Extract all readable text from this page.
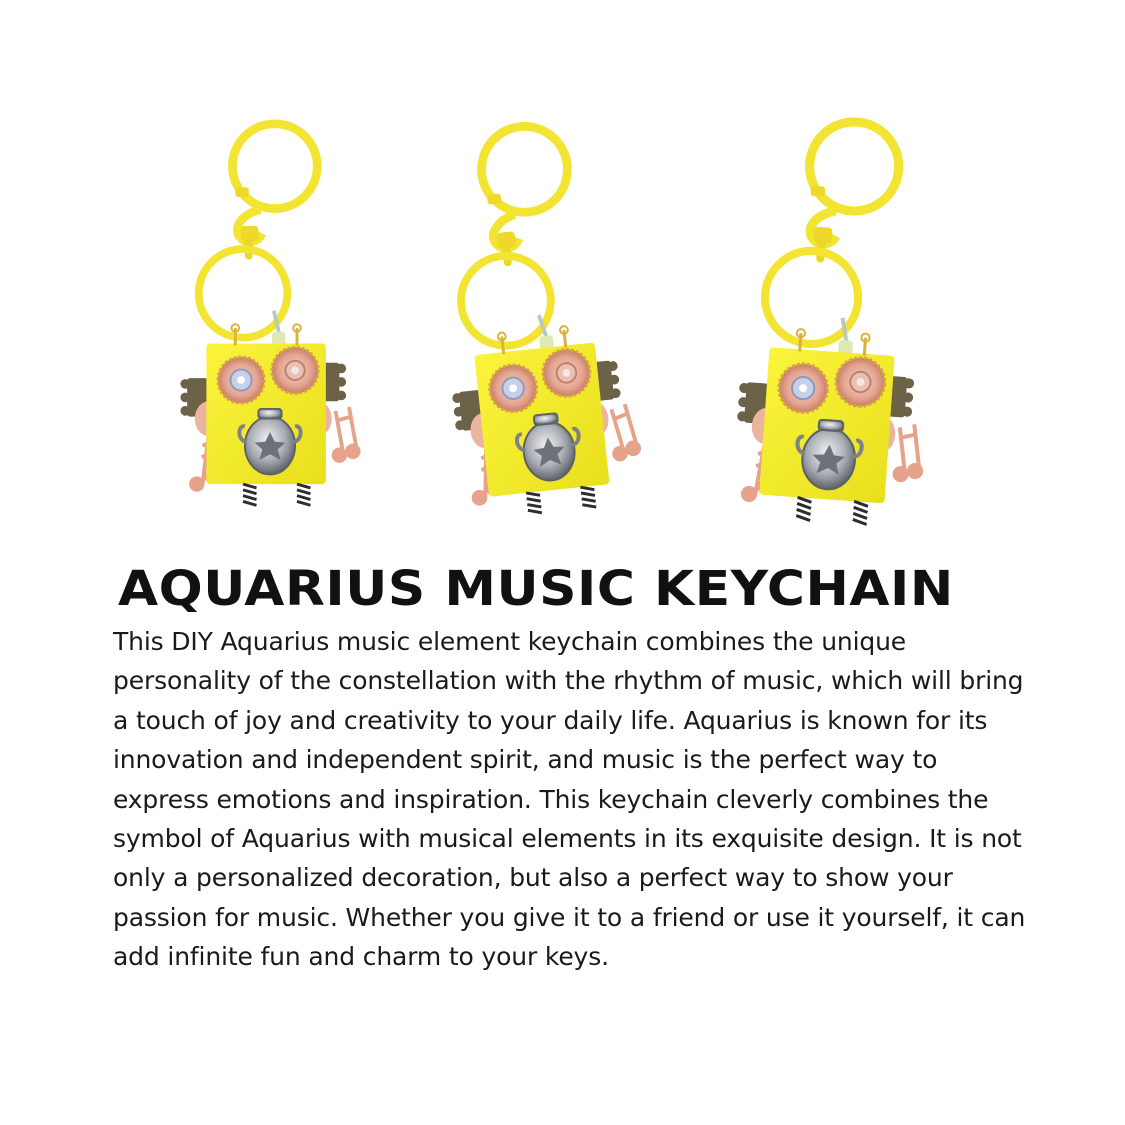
AQUARIUS MUSIC KEYCHAIN

This DIY Aquarius music element keychain combines the unique personality of the constellation with the rhythm of music, which will bring a touch of joy and creativity to your daily life. Aquarius is known for its innovation and independent spirit, and music is the perfect way to express emotions and inspiration. This keychain cleverly combines the symbol of Aquarius with musical elements in its exquisite design. It is not only a personalized decoration, but also a perfect way to show your passion for music. Whether you give it to a friend or use it yourself, it can add infinite fun and charm to your keys.
